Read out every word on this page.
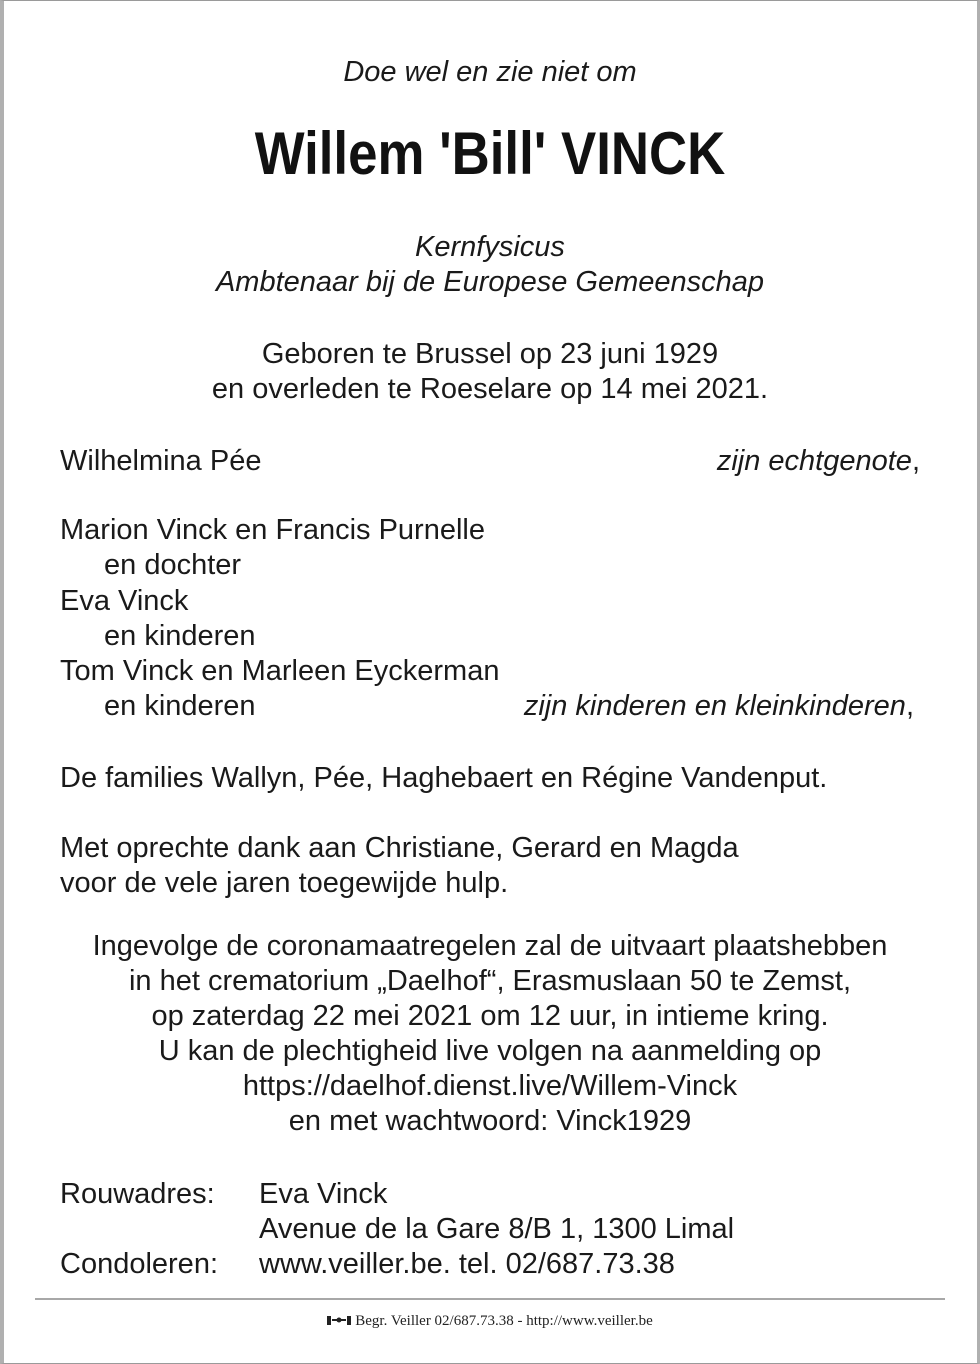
Doe wel en zie niet om
Willem 'Bill' VINCK
Kernfysicus
Ambtenaar bij de Europese Gemeenschap
Geboren te Brussel op 23 juni 1929
en overleden te Roeselare op 14 mei 2021.
Wilhelmina Pée	zijn echtgenote,
Marion Vinck en Francis Purnelle
en dochter
Eva Vinck
en kinderen
Tom Vinck en Marleen Eyckerman
en kinderen	zijn kinderen en kleinkinderen,
De families Wallyn, Pée, Haghebaert en Régine Vandenput.
Met oprechte dank aan Christiane, Gerard en Magda
voor de vele jaren toegewijde hulp.
Ingevolge de coronamaatregelen zal de uitvaart plaatshebben
in het crematorium „Daelhof“, Erasmuslaan 50 te Zemst,
op zaterdag 22 mei 2021 om 12 uur, in intieme kring.
U kan de plechtigheid live volgen na aanmelding op
https://daelhof.dienst.live/Willem-Vinck
en met wachtwoord: Vinck1929
Rouwadres: Eva Vinck
Avenue de la Gare 8/B 1, 1300 Limal
Condoleren: www.veiller.be. tel. 02/687.73.38
Begr. Veiller 02/687.73.38 - http://www.veiller.be
